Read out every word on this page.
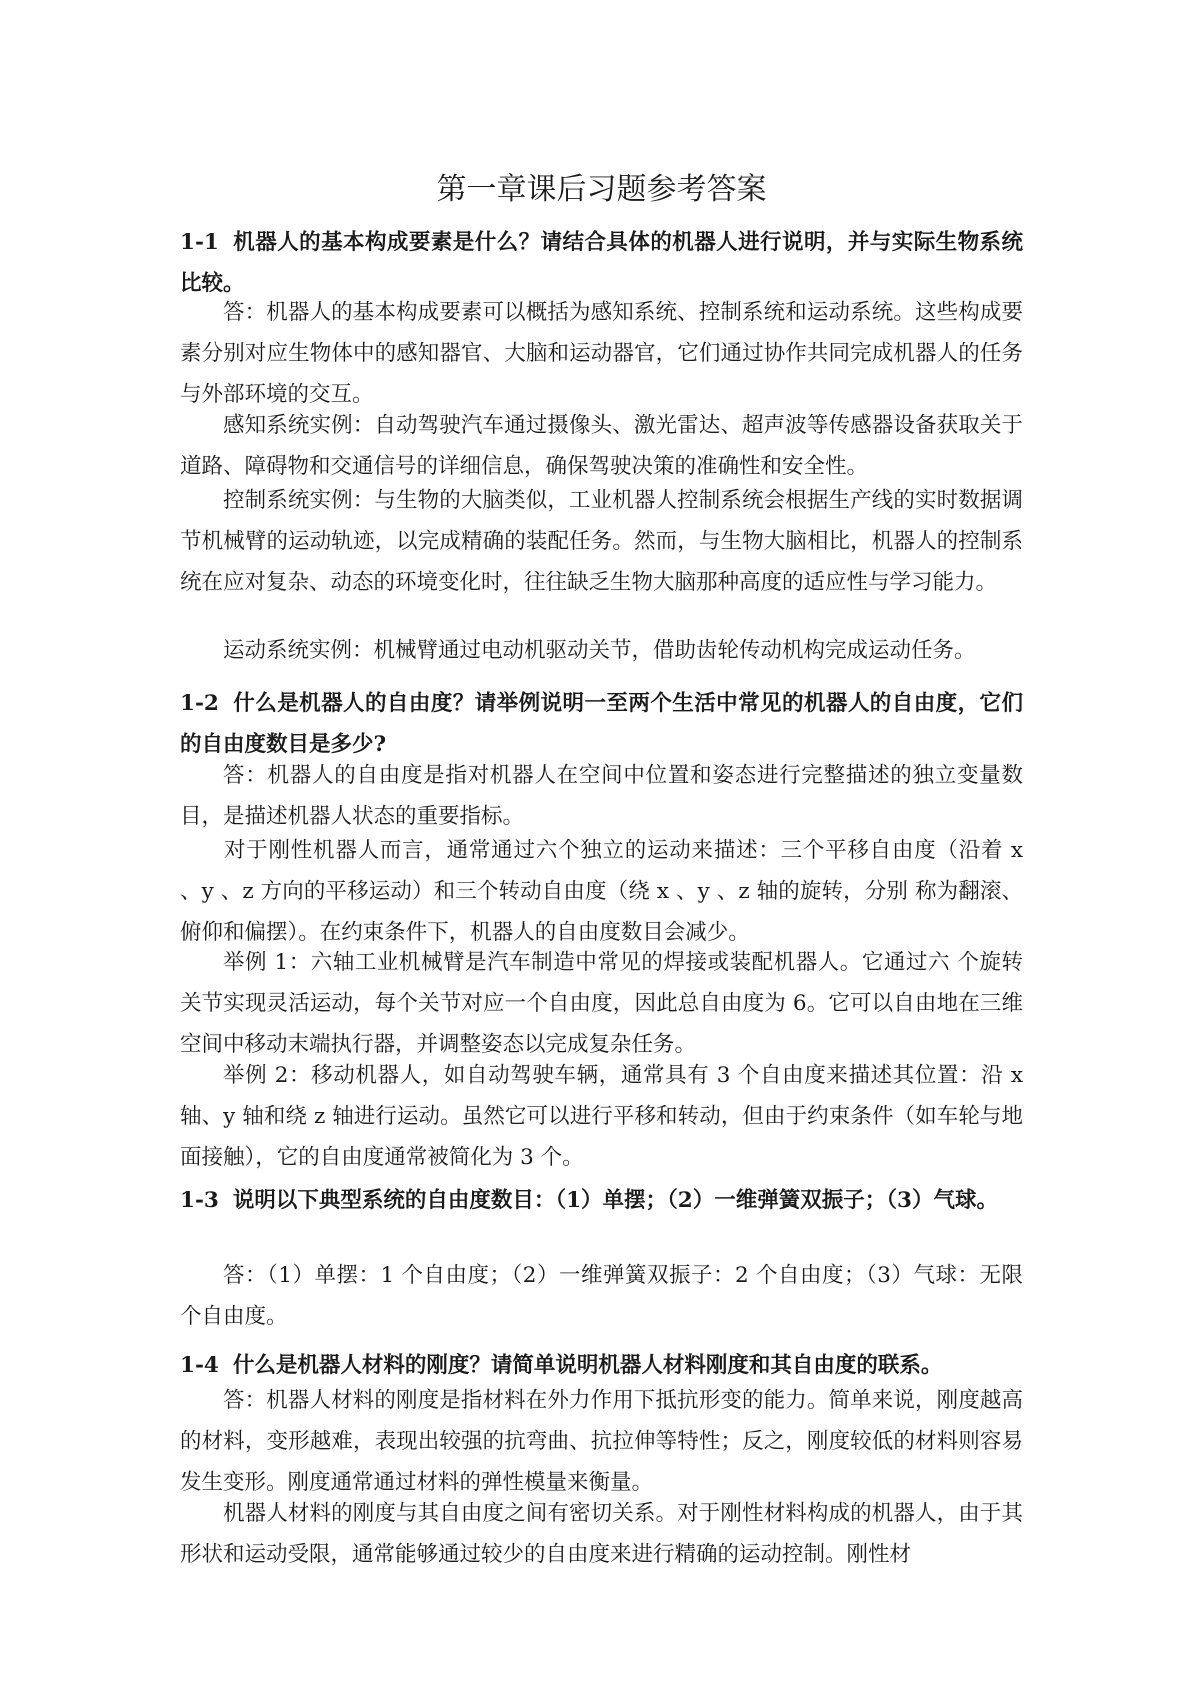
第一章课后习题参考答案

1-1 机器人的基本构成要素是什么？请结合具体的机器人进行说明，并与实际生物系统比较。

答：机器人的基本构成要素可以概括为感知系统、控制系统和运动系统。这些构成要素分别对应生物体中的感知器官、大脑和运动器官，它们通过协作共同完成机器人的任务与外部环境的交互。

感知系统实例：自动驾驶汽车通过摄像头、激光雷达、超声波等传感器设备获取关于道路、障碍物和交通信号的详细信息，确保驾驶决策的准确性和安全性。

控制系统实例：与生物的大脑类似，工业机器人控制系统会根据生产线的实时数据调节机械臂的运动轨迹，以完成精确的装配任务。然而，与生物大脑相比，机器人的控制系统在应对复杂、动态的环境变化时，往往缺乏生物大脑那种高度的适应性与学习能力。

运动系统实例：机械臂通过电动机驱动关节，借助齿轮传动机构完成运动任务。

1-2 什么是机器人的自由度？请举例说明一至两个生活中常见的机器人的自由度，它们的自由度数目是多少?

答：机器人的自由度是指对机器人在空间中位置和姿态进行完整描述的独立变量数目，是描述机器人状态的重要指标。

对于刚性机器人而言，通常通过六个独立的运动来描述：三个平移自由度（沿着 x 、y 、z 方向的平移运动）和三个转动自由度（绕 x 、y 、z 轴的旋转，分别 称为翻滚、俯仰和偏摆）。在约束条件下，机器人的自由度数目会减少。

举例 1：六轴工业机械臂是汽车制造中常见的焊接或装配机器人。它通过六 个旋转关节实现灵活运动，每个关节对应一个自由度，因此总自由度为 6。它可以自由地在三维空间中移动末端执行器，并调整姿态以完成复杂任务。

举例 2：移动机器人，如自动驾驶车辆，通常具有 3 个自由度来描述其位置：沿 x 轴、y 轴和绕 z 轴进行运动。虽然它可以进行平移和转动，但由于约束条件（如车轮与地面接触），它的自由度通常被简化为 3 个。

1-3 说明以下典型系统的自由度数目：（1）单摆；（2）一维弹簧双振子；（3）气球。

答：（1）单摆：1 个自由度；（2）一维弹簧双振子：2 个自由度；（3）气球：无限个自由度。

1-4 什么是机器人材料的刚度？请简单说明机器人材料刚度和其自由度的联系。

答：机器人材料的刚度是指材料在外力作用下抵抗形变的能力。简单来说，刚度越高的材料，变形越难，表现出较强的抗弯曲、抗拉伸等特性；反之，刚度较低的材料则容易发生变形。刚度通常通过材料的弹性模量来衡量。

机器人材料的刚度与其自由度之间有密切关系。对于刚性材料构成的机器人，由于其形状和运动受限，通常能够通过较少的自由度来进行精确的运动控制。刚性材
